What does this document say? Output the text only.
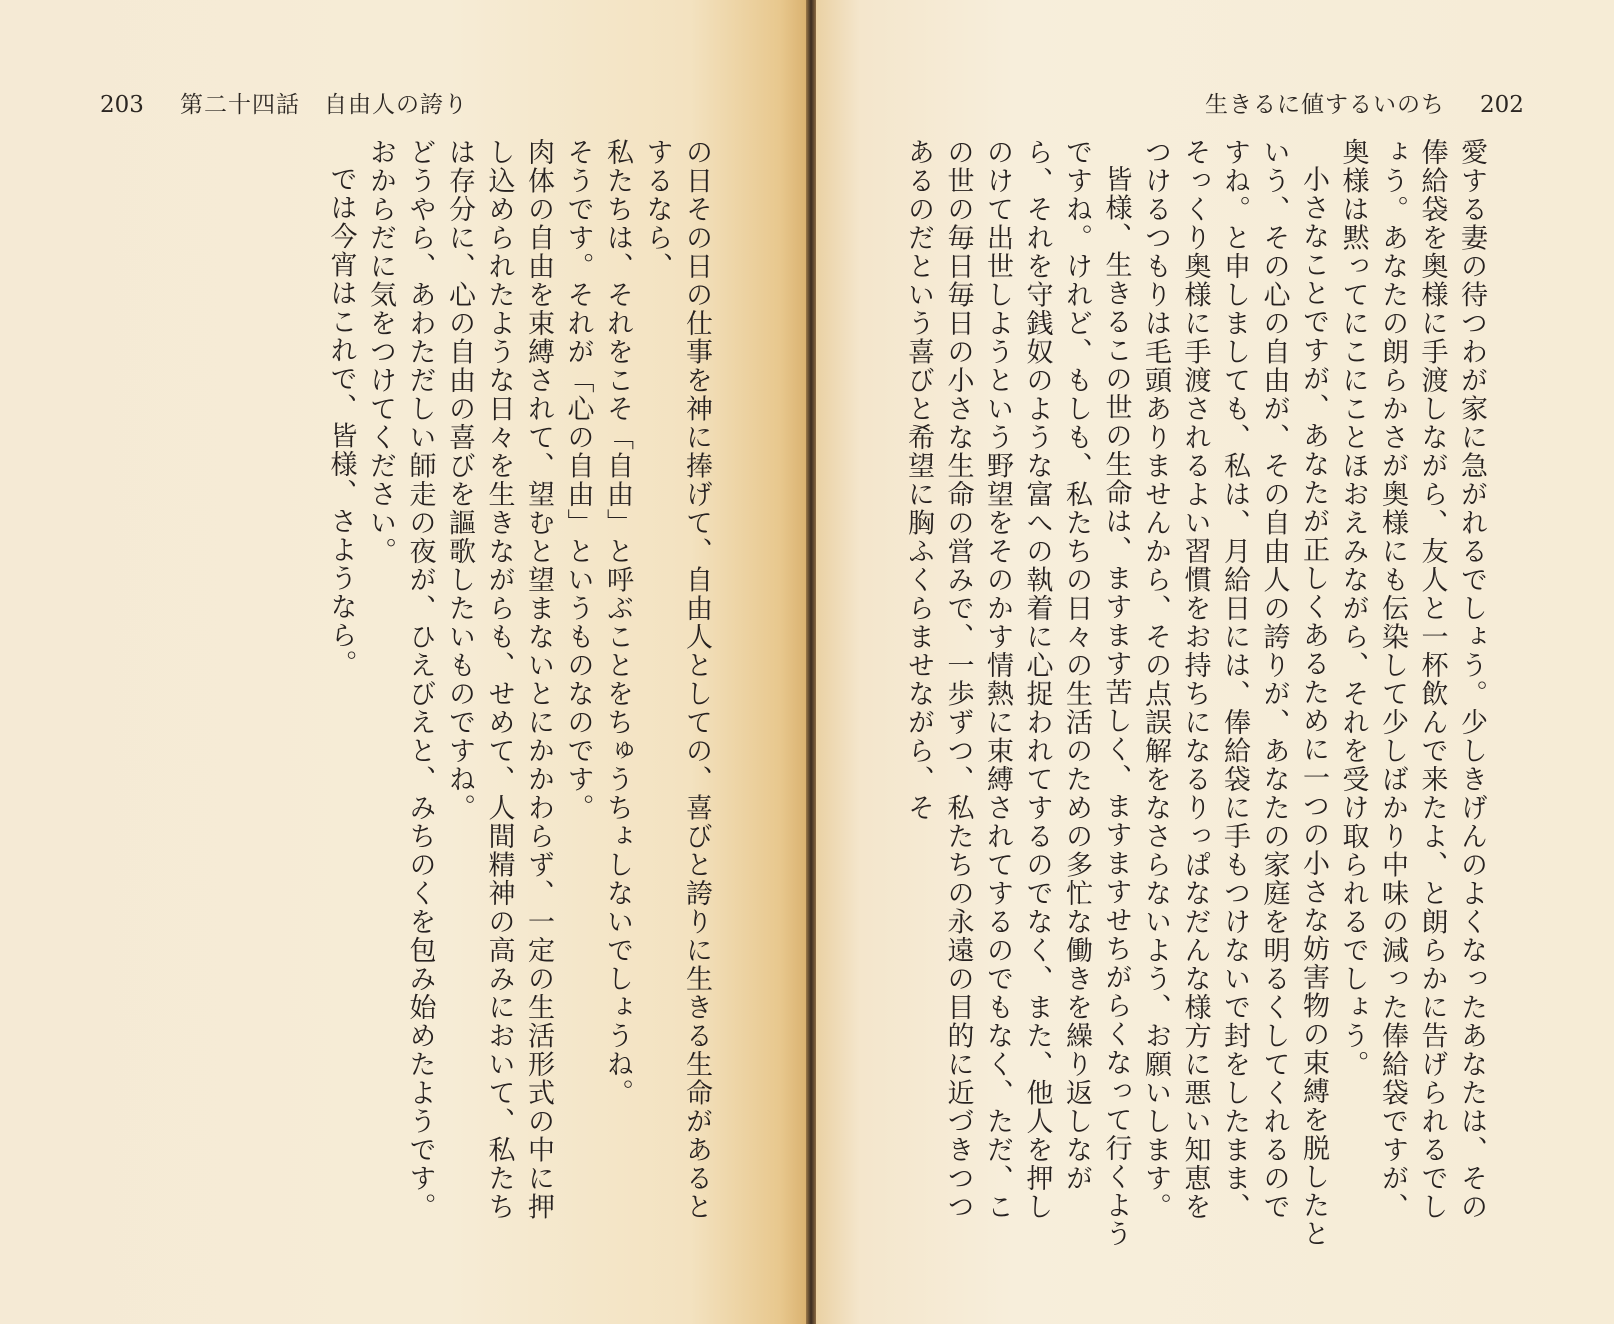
203 第二十四話　自由人の誇り	生きるに値するいのち 202

の日その日の仕事を神に捧げて、自由人としての、喜びと誇りに生きる生命があるとするなら、

私たちは、それをこそ「自由」と呼ぶことをちゅうちょしないでしょうね。

そうです。それが「心の自由」というものなのです。

肉体の自由を束縛されて、望むと望まないとにかかわらず、一定の生活形式の中に押し込められたような日々を生きながらも、せめて、人間精神の高みにおいて、私たちは存分に、心の自由の喜びを謳歌したいものですね。

どうやら、あわただしい師走の夜が、ひえびえと、みちのくを包み始めたようです。おからだに気をつけてください。

では今宵はこれで、皆様、さようなら。	愛する妻の待つわが家に急がれるでしょう。少しきげんのよくなったあなたは、その俸給袋を奥様に手渡しながら、友人と一杯飲んで来たよ、と朗らかに告げられるでしょう。あなたの朗らかさが奥様にも伝染して少しばかり中味の減った俸給袋ですが、奥様は黙ってにこにことほおえみながら、それを受け取られるでしょう。

小さなことですが、あなたが正しくあるために一つの小さな妨害物の束縛を脱したという、その心の自由が、その自由人の誇りが、あなたの家庭を明るくしてくれるのですね。と申しましても、私は、月給日には、俸給袋に手もつけないで封をしたまま、そっくり奥様に手渡されるよい習慣をお持ちになるりっぱなだんな様方に悪い知恵をつけるつもりは毛頭ありませんから、その点誤解をなさらないよう、お願いします。

皆様、生きるこの世の生命は、ますます苦しく、ますますせちがらくなって行くようですね。けれど、もしも、私たちの日々の生活のための多忙な働きを繰り返しながら、それを守銭奴のような富への執着に心捉われてするのでなく、また、他人を押しのけて出世しようという野望をそのかす情熱に束縛されてするのでもなく、ただ、この世の毎日毎日の小さな生命の営みで、一歩ずつ、私たちの永遠の目的に近づきつつあるのだという喜びと希望に胸ふくらませながら、そ
